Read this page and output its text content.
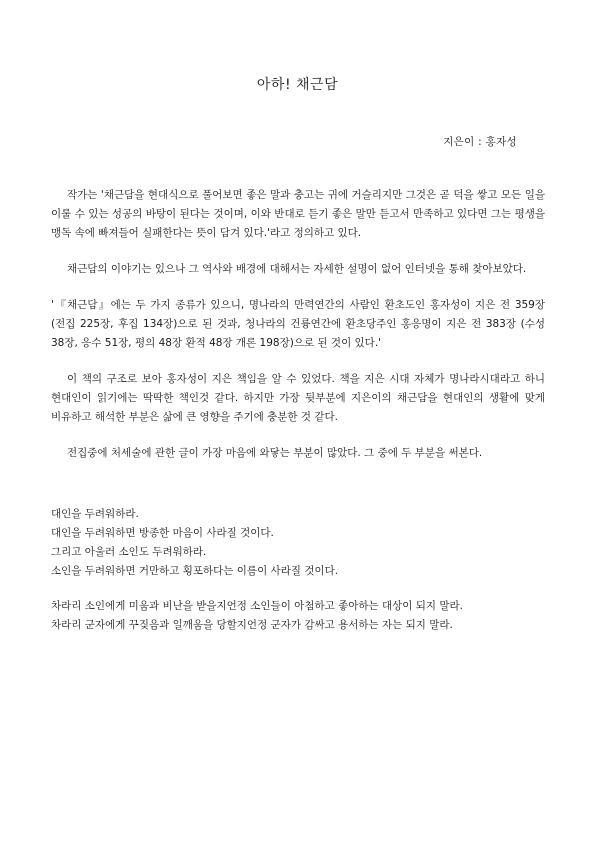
아하! 채근담
지은이 : 홍자성

작가는 '채근담을 현대식으로 풀어보면 좋은 말과 충고는 귀에 거슬리지만 그것은 곧 덕을 쌓고 모든 일을 이룰 수 있는 성공의 바탕이 된다는 것이며, 이와 반대로 듣기 좋은 말만 듣고서 만족하고 있다면 그는 평생을 맹독 속에 빠져들어 실패한다는 뜻이 담겨 있다.'라고 정의하고 있다.

채근담의 이야기는 있으나 그 역사와 배경에 대해서는 자세한 설명이 없어 인터넷을 통해 찾아보았다.

'『채근담』에는 두 가지 종류가 있으니, 명나라의 만력연간의 사람인 환초도인 홍자성이 지은 전 359장(전집 225장, 후집 134장)으로 된 것과, 청나라의 건륭연간에 환초당주인 홍응명이 지은 전 383장 (수성 38장, 응수 51장, 평의 48장 환적 48장 개론 198장)으로 된 것이 있다.'

이 책의 구조로 보아 홍자성이 지은 책임을 알 수 있었다. 책을 지은 시대 자체가 명나라시대라고 하니 현대인이 읽기에는 딱딱한 책인것 같다. 하지만 가장 뒷부분에 지은이의 채근담을 현대인의 생활에 맞게 비유하고 해석한 부분은 삶에 큰 영향을 주기에 충분한 것 같다.

전집중에 처세술에 관한 글이 가장 마음에 와닿는 부분이 많았다. 그 중에 두 부분을 써본다.

대인을 두려워하라.

대인을 두려워하면 방종한 마음이 사라질 것이다.

그리고 아울러 소인도 두려워하라.

소인을 두려워하면 거만하고 횡포하다는 이름이 사라질 것이다.

차라리 소인에게 미움과 비난을 받을지언정 소인들이 아첨하고 좋아하는 대상이 되지 말라.

차라리 군자에게 꾸짖음과 일깨움을 당할지언정 군자가 감싸고 용서하는 자는 되지 말라.
